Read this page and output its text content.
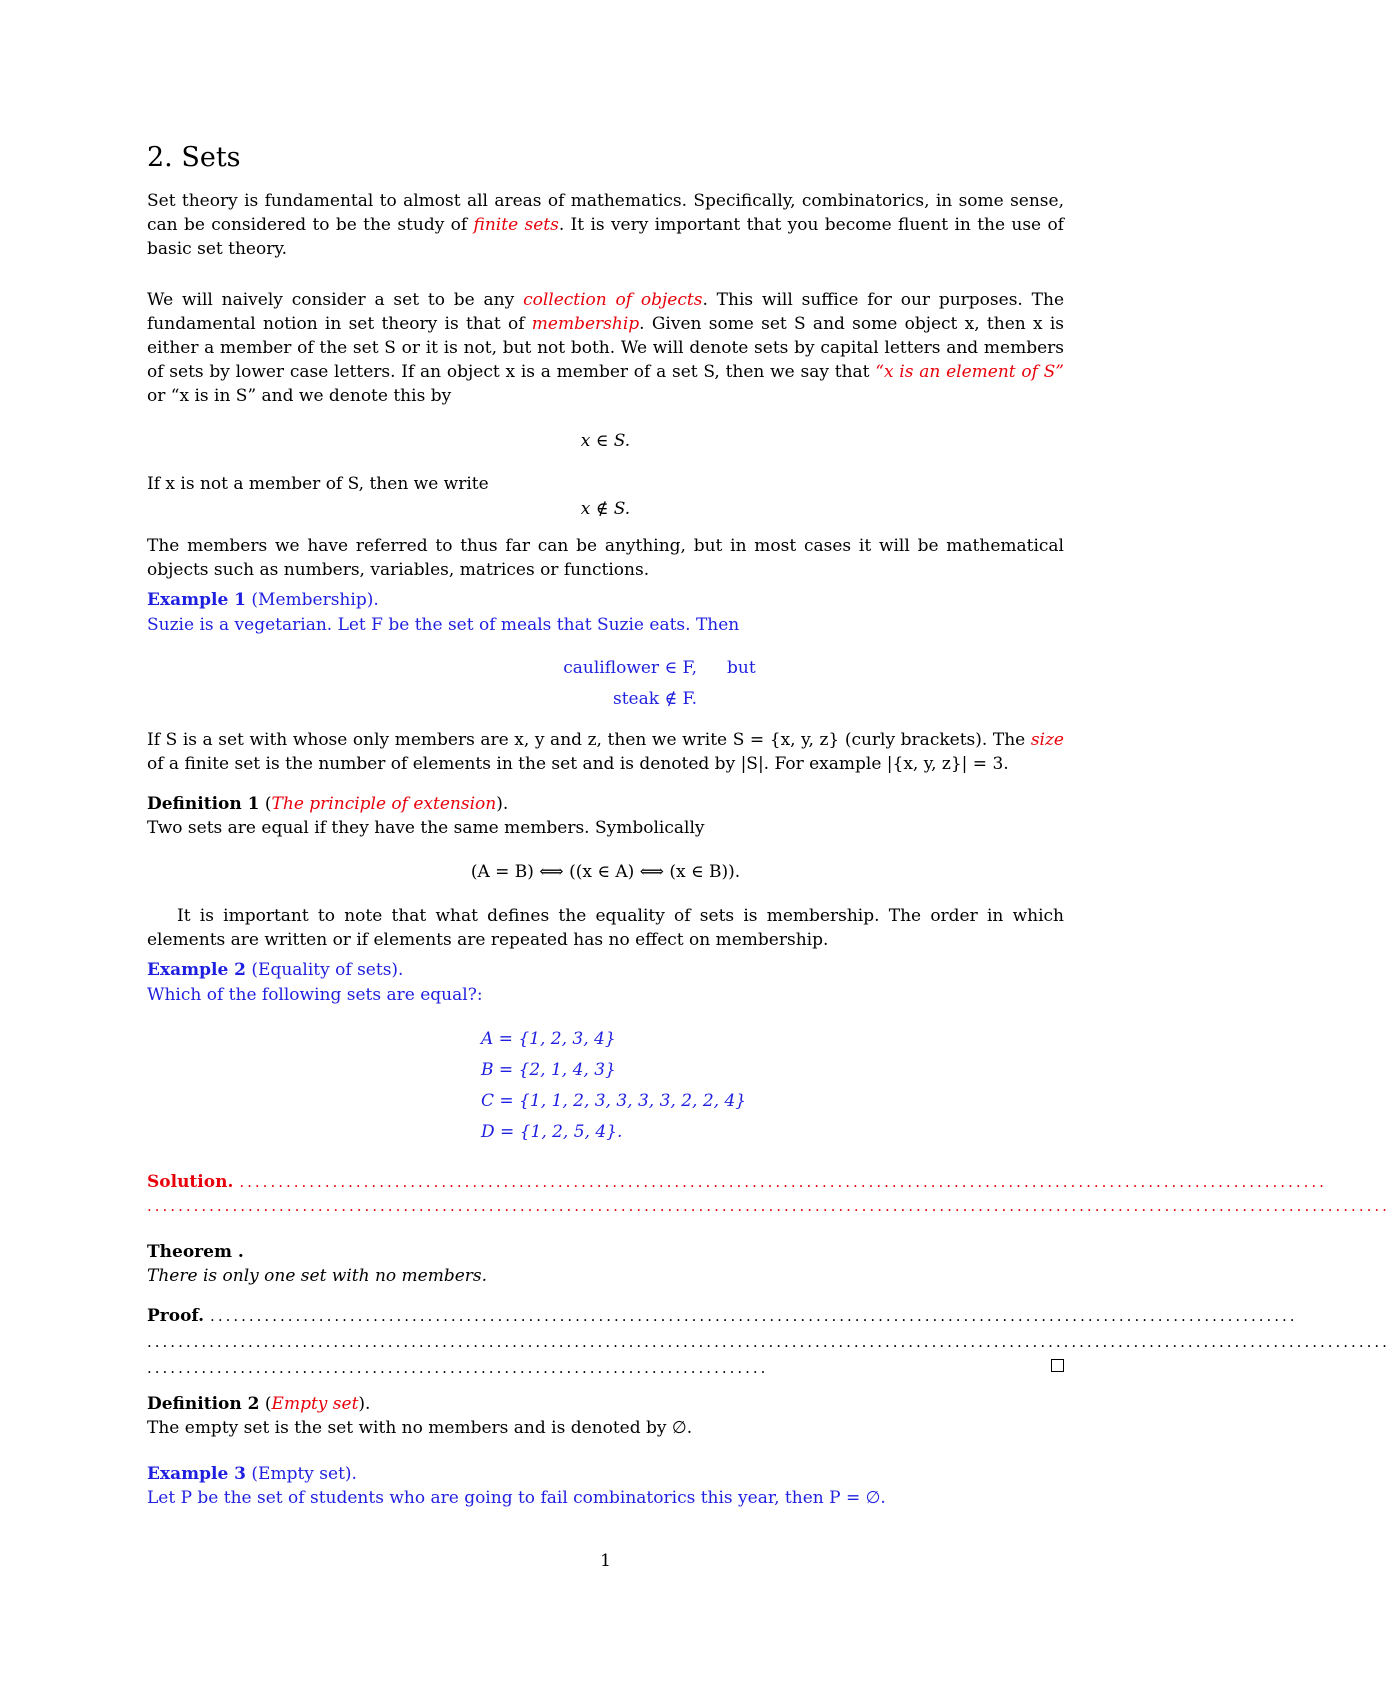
2. Sets

Set theory is fundamental to almost all areas of mathematics. Specifically, combinatorics, in some sense, can be considered to be the study of finite sets. It is very important that you become fluent in the use of basic set theory.

We will naively consider a set to be any collection of objects. This will suffice for our purposes. The fundamental notion in set theory is that of membership. Given some set S and some object x, then x is either a member of the set S or it is not, but not both. We will denote sets by capital letters and members of sets by lower case letters. If an object x is a member of a set S, then we say that “x is an element of S” or “x is in S” and we denote this by

x ∈ S.

If x is not a member of S, then we write

x ∉ S.

The members we have referred to thus far can be anything, but in most cases it will be mathematical objects such as numbers, variables, matrices or functions.

Example 1 (Membership).

Suzie is a vegetarian. Let F be the set of meals that Suzie eats. Then

cauliflower ∈ F, but
steak ∉ F.

If S is a set with whose only members are x, y and z, then we write S = {x, y, z} (curly brackets). The size of a finite set is the number of elements in the set and is denoted by |S|. For example |{x, y, z}| = 3.

Definition 1 (The principle of extension).

Two sets are equal if they have the same members. Symbolically

(A = B) ⟺ ((x ∈ A) ⟺ (x ∈ B)).

It is important to note that what defines the equality of sets is membership. The order in which elements are written or if elements are repeated has no effect on membership.

Example 2 (Equality of sets).

Which of the following sets are equal?:

A = {1, 2, 3, 4}
B = {2, 1, 4, 3}
C = {1, 1, 2, 3, 3, 3, 3, 2, 2, 4}
D = {1, 2, 5, 4}.
Solution. ............................................................................................................................................
................................................................................................................................................................
Theorem .
There is only one set with no members.
Proof. ............................................................................................................................................
................................................................................................................................................................
................................................................................
Definition 2 (Empty set).

The empty set is the set with no members and is denoted by ∅.

Example 3 (Empty set).

Let P be the set of students who are going to fail combinatorics this year, then P = ∅.

1
